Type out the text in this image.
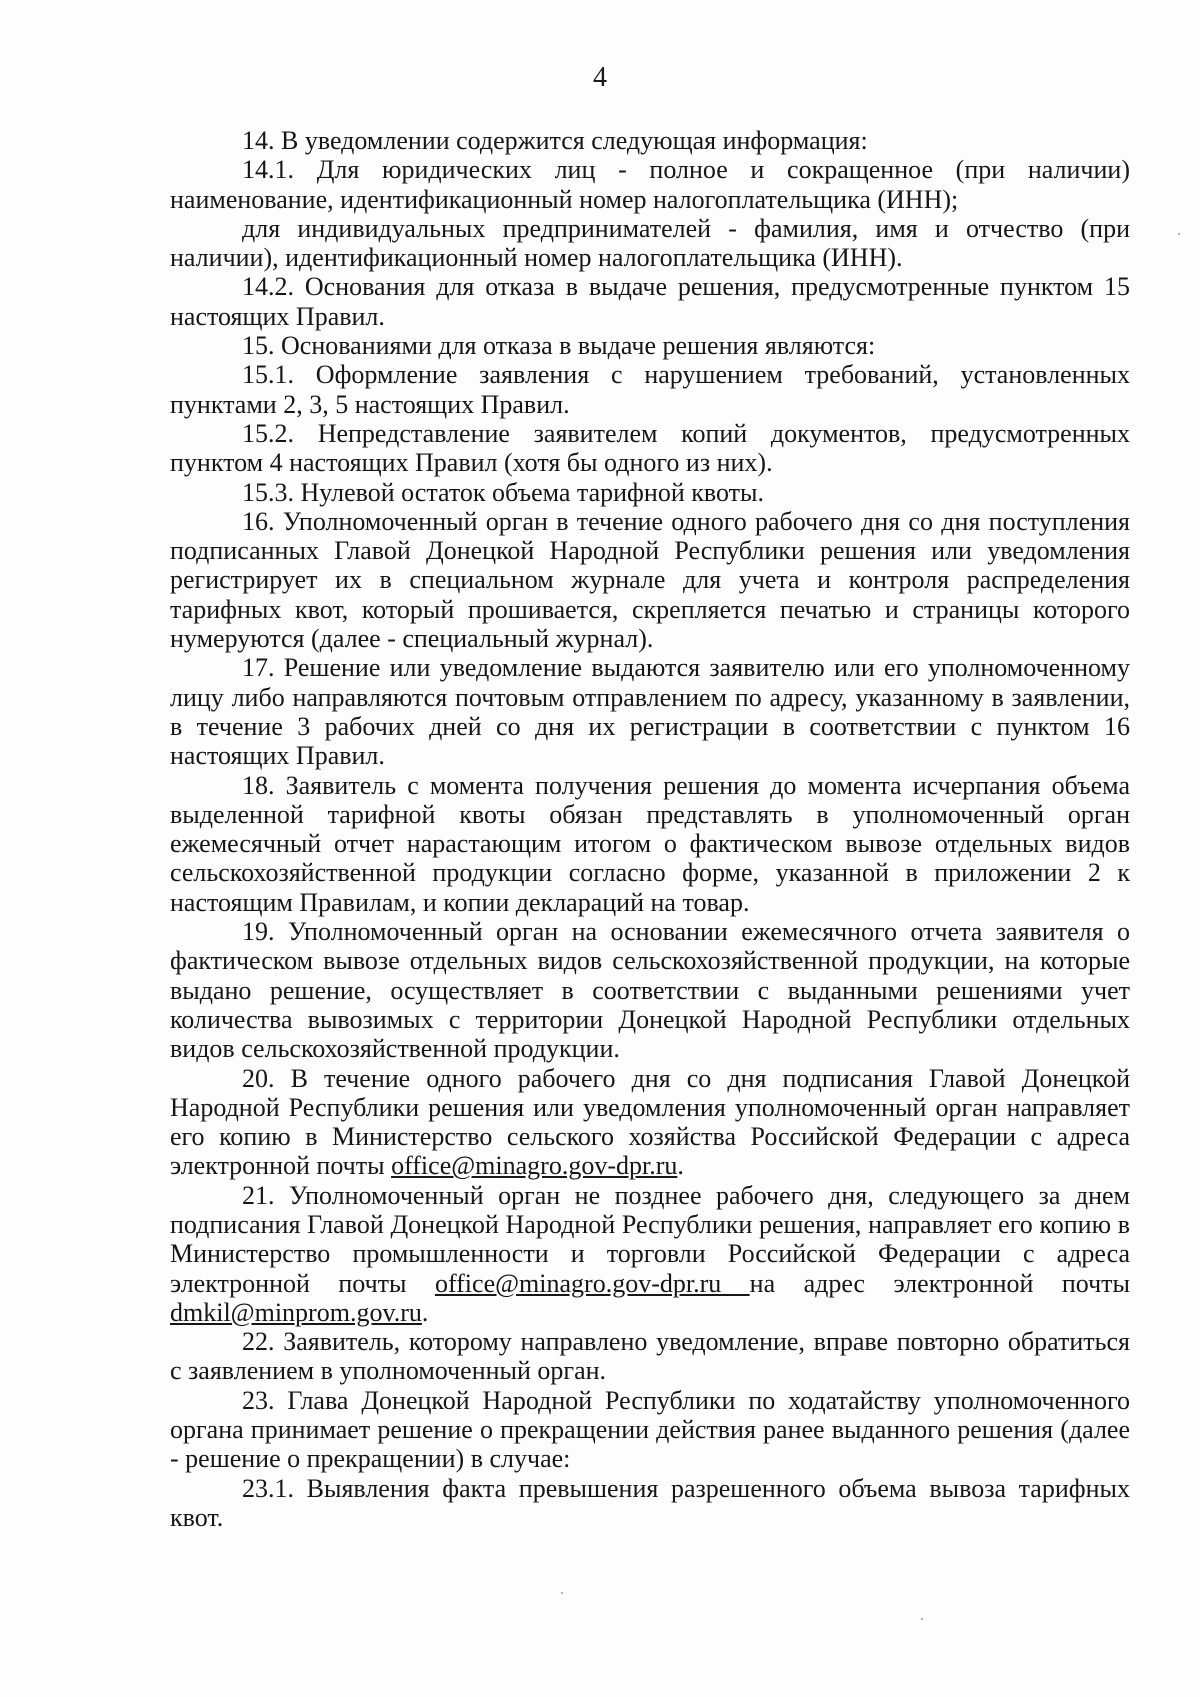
4

14. В уведомлении содержится следующая информация:

14.1. Для юридических лиц - полное и сокращенное (при наличии) наименование, идентификационный номер налогоплательщика (ИНН);

для индивидуальных предпринимателей - фамилия, имя и отчество (при наличии), идентификационный номер налогоплательщика (ИНН).

14.2. Основания для отказа в выдаче решения, предусмотренные пунктом 15 настоящих Правил.

15. Основаниями для отказа в выдаче решения являются:

15.1. Оформление заявления с нарушением требований, установленных пунктами 2, 3, 5 настоящих Правил.

15.2. Непредставление заявителем копий документов, предусмотренных пунктом 4 настоящих Правил (хотя бы одного из них).

15.3. Нулевой остаток объема тарифной квоты.

16. Уполномоченный орган в течение одного рабочего дня со дня поступления подписанных Главой Донецкой Народной Республики решения или уведомления регистрирует их в специальном журнале для учета и контроля распределения тарифных квот, который прошивается, скрепляется печатью и страницы которого нумеруются (далее - специальный журнал).

17. Решение или уведомление выдаются заявителю или его уполномоченному лицу либо направляются почтовым отправлением по адресу, указанному в заявлении, в течение 3 рабочих дней со дня их регистрации в соответствии с пунктом 16 настоящих Правил.

18. Заявитель с момента получения решения до момента исчерпания объема выделенной тарифной квоты обязан представлять в уполномоченный орган ежемесячный отчет нарастающим итогом о фактическом вывозе отдельных видов сельскохозяйственной продукции согласно форме, указанной в приложении 2 к настоящим Правилам, и копии деклараций на товар.

19. Уполномоченный орган на основании ежемесячного отчета заявителя о фактическом вывозе отдельных видов сельскохозяйственной продукции, на которые выдано решение, осуществляет в соответствии с выданными решениями учет количества вывозимых с территории Донецкой Народной Республики отдельных видов сельскохозяйственной продукции.

20. В течение одного рабочего дня со дня подписания Главой Донецкой Народной Республики решения или уведомления уполномоченный орган направляет его копию в Министерство сельского хозяйства Российской Федерации с адреса электронной почты office@minagro.gov-dpr.ru.

21. Уполномоченный орган не позднее рабочего дня, следующего за днем подписания Главой Донецкой Народной Республики решения, направляет его копию в Министерство промышленности и торговли Российской Федерации с адреса электронной почты office@minagro.gov-dpr.ru на адрес электронной почты dmkil@minprom.gov.ru.

22. Заявитель, которому направлено уведомление, вправе повторно обратиться с заявлением в уполномоченный орган.

23. Глава Донецкой Народной Республики по ходатайству уполномоченного органа принимает решение о прекращении действия ранее выданного решения (далее - решение о прекращении) в случае:

23.1. Выявления факта превышения разрешенного объема вывоза тарифных квот.
